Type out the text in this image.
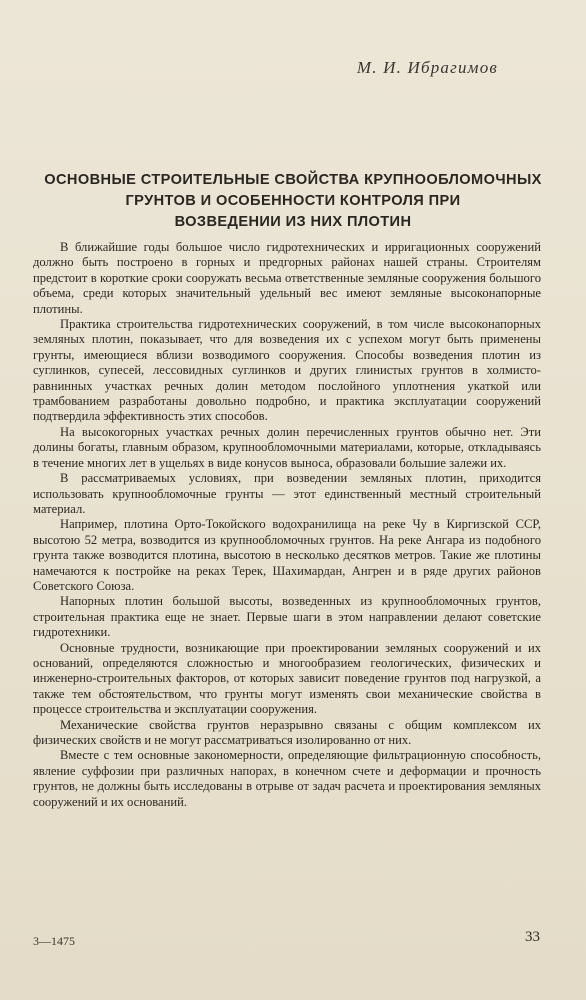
М. И. Ибрагимов
ОСНОВНЫЕ СТРОИТЕЛЬНЫЕ СВОЙСТВА КРУПНООБЛОМОЧНЫХ
ГРУНТОВ И ОСОБЕННОСТИ КОНТРОЛЯ ПРИ
ВОЗВЕДЕНИИ ИЗ НИХ ПЛОТИН

В ближайшие годы большое число гидротехнических и ирригационных сооружений должно быть построено в горных и предгорных районах нашей страны. Строителям предстоит в короткие сроки сооружать весьма ответственные земляные сооружения большого объема, среди которых значительный удельный вес имеют земляные высоконапорные плотины.

Практика строительства гидротехнических сооружений, в том числе высоконапорных земляных плотин, показывает, что для возведения их с успехом могут быть применены грунты, имеющиеся вблизи возводимого сооружения. Способы возведения плотин из суглинков, супесей, лессовидных суглинков и других глинистых грунтов в холмисто-равнинных участках речных долин методом послойного уплотнения укаткой или трамбованием разработаны довольно подробно, и практика эксплуатации сооружений подтвердила эффективность этих способов.

На высокогорных участках речных долин перечисленных грунтов обычно нет. Эти долины богаты, главным образом, крупнообломочными материалами, которые, откладываясь в течение многих лет в ущельях в виде конусов выноса, образовали большие залежи их.

В рассматриваемых условиях, при возведении земляных плотин, приходится использовать крупнообломочные грунты — этот единственный местный строительный материал.

Например, плотина Орто-Токойского водохранилища на реке Чу в Киргизской ССР, высотою 52 метра, возводится из крупнообломочных грунтов. На реке Ангара из подобного грунта также возводится плотина, высотою в несколько десятков метров. Такие же плотины намечаются к постройке на реках Терек, Шахимардан, Ангрен и в ряде других районов Советского Союза.

Напорных плотин большой высоты, возведенных из крупнообломочных грунтов, строительная практика еще не знает. Первые шаги в этом направлении делают советские гидротехники.

Основные трудности, возникающие при проектировании земляных сооружений и их оснований, определяются сложностью и многообразием геологических, физических и инженерно-строительных факторов, от которых зависит поведение грунтов под нагрузкой, а также тем обстоятельством, что грунты могут изменять свои механические свойства в процессе строительства и эксплуатации сооружения.

Механические свойства грунтов неразрывно связаны с общим комплексом их физических свойств и не могут рассматриваться изолированно от них.

Вместе с тем основные закономерности, определяющие фильтрационную способность, явление суффозии при различных напорах, в конечном счете и деформации и прочность грунтов, не должны быть исследованы в отрыве от задач расчета и проектирования земляных сооружений и их оснований.

3—1475	33
